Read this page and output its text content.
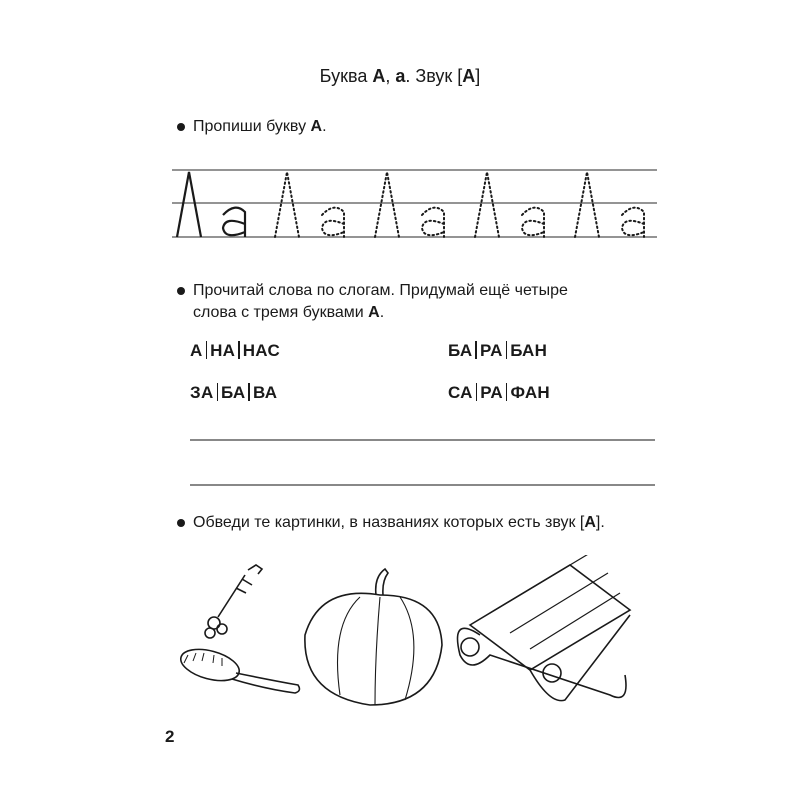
Буква А, а. Звук [А]
Пропиши букву А.
Прочитай слова по слогам. Придумай ещё четыре
слова с тремя буквами А.
А НА НАС	БА РА БАН
ЗА БА ВА	СА РА ФАН
Обведи те картинки, в названиях которых есть звук [А].
2
